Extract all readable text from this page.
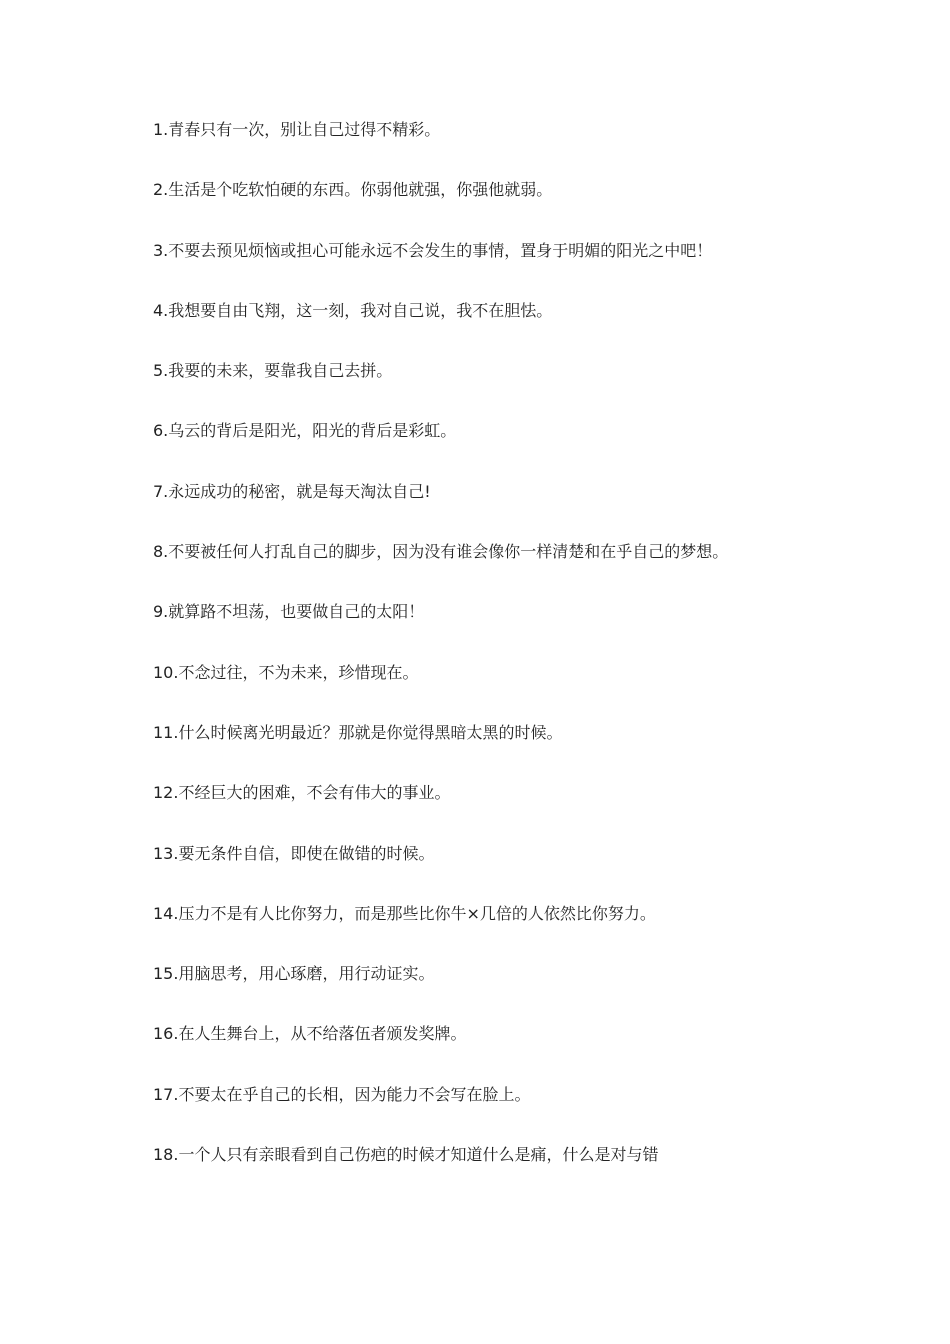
1.青春只有一次，别让自己过得不精彩。
2.生活是个吃软怕硬的东西。你弱他就强，你强他就弱。
3.不要去预见烦恼或担心可能永远不会发生的事情，置身于明媚的阳光之中吧！
4.我想要自由飞翔，这一刻，我对自己说，我不在胆怯。
5.我要的未来，要靠我自己去拼。
6.乌云的背后是阳光，阳光的背后是彩虹。
7.永远成功的秘密，就是每天淘汰自己!
8.不要被任何人打乱自己的脚步，因为没有谁会像你一样清楚和在乎自己的梦想。
9.就算路不坦荡，也要做自己的太阳！
10.不念过往，不为未来，珍惜现在。
11.什么时候离光明最近？那就是你觉得黑暗太黑的时候。
12.不经巨大的困难，不会有伟大的事业。
13.要无条件自信，即使在做错的时候。
14.压力不是有人比你努力，而是那些比你牛×几倍的人依然比你努力。
15.用脑思考，用心琢磨，用行动证实。
16.在人生舞台上，从不给落伍者颁发奖牌。
17.不要太在乎自己的长相，因为能力不会写在脸上。
18.一个人只有亲眼看到自己伤疤的时候才知道什么是痛，什么是对与错
